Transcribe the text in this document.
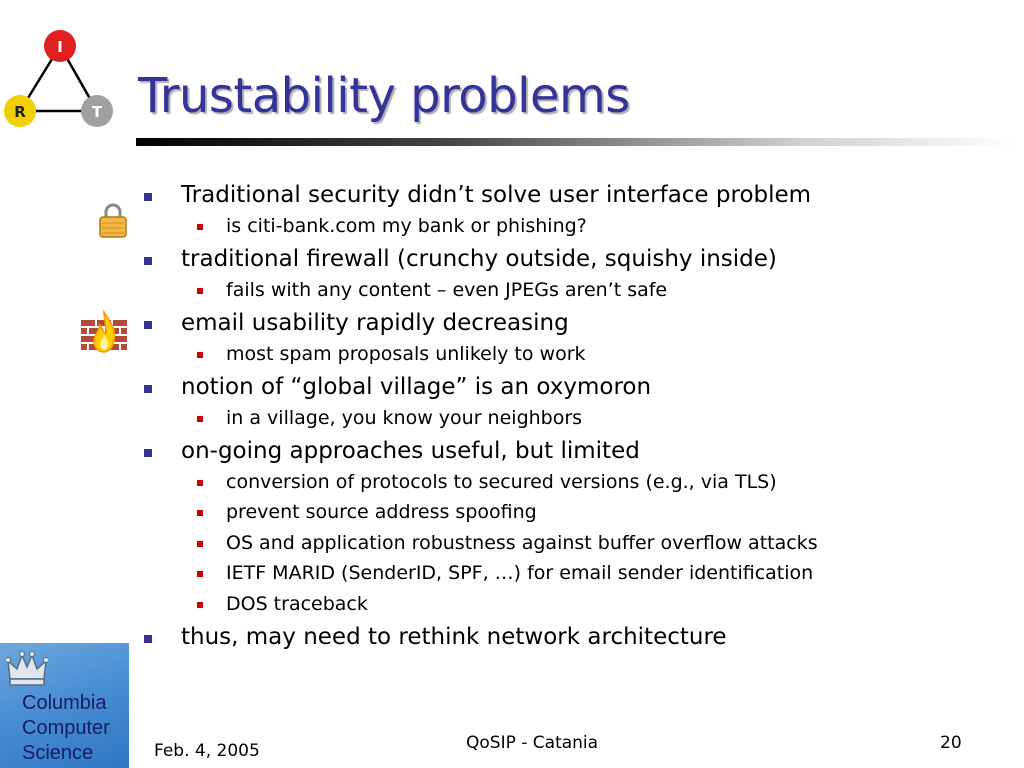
I
R	T Trustability problems
Traditional security didn’t solve user interface problem
is citi-bank.com my bank or phishing?
traditional firewall (crunchy outside, squishy inside)
fails with any content – even JPEGs aren’t safe
email usability rapidly decreasing
most spam proposals unlikely to work
notion of “global village” is an oxymoron
in a village, you know your neighbors
on-going approaches useful, but limited
conversion of protocols to secured versions (e.g., via TLS)
prevent source address spoofing
OS and application robustness against buffer overflow attacks
IETF MARID (SenderID, SPF, …) for email sender identification
DOS traceback
thus, may need to rethink network architecture
Columbia
Computer
Science	Feb. 4, 2005	QoSIP - Catania	20
